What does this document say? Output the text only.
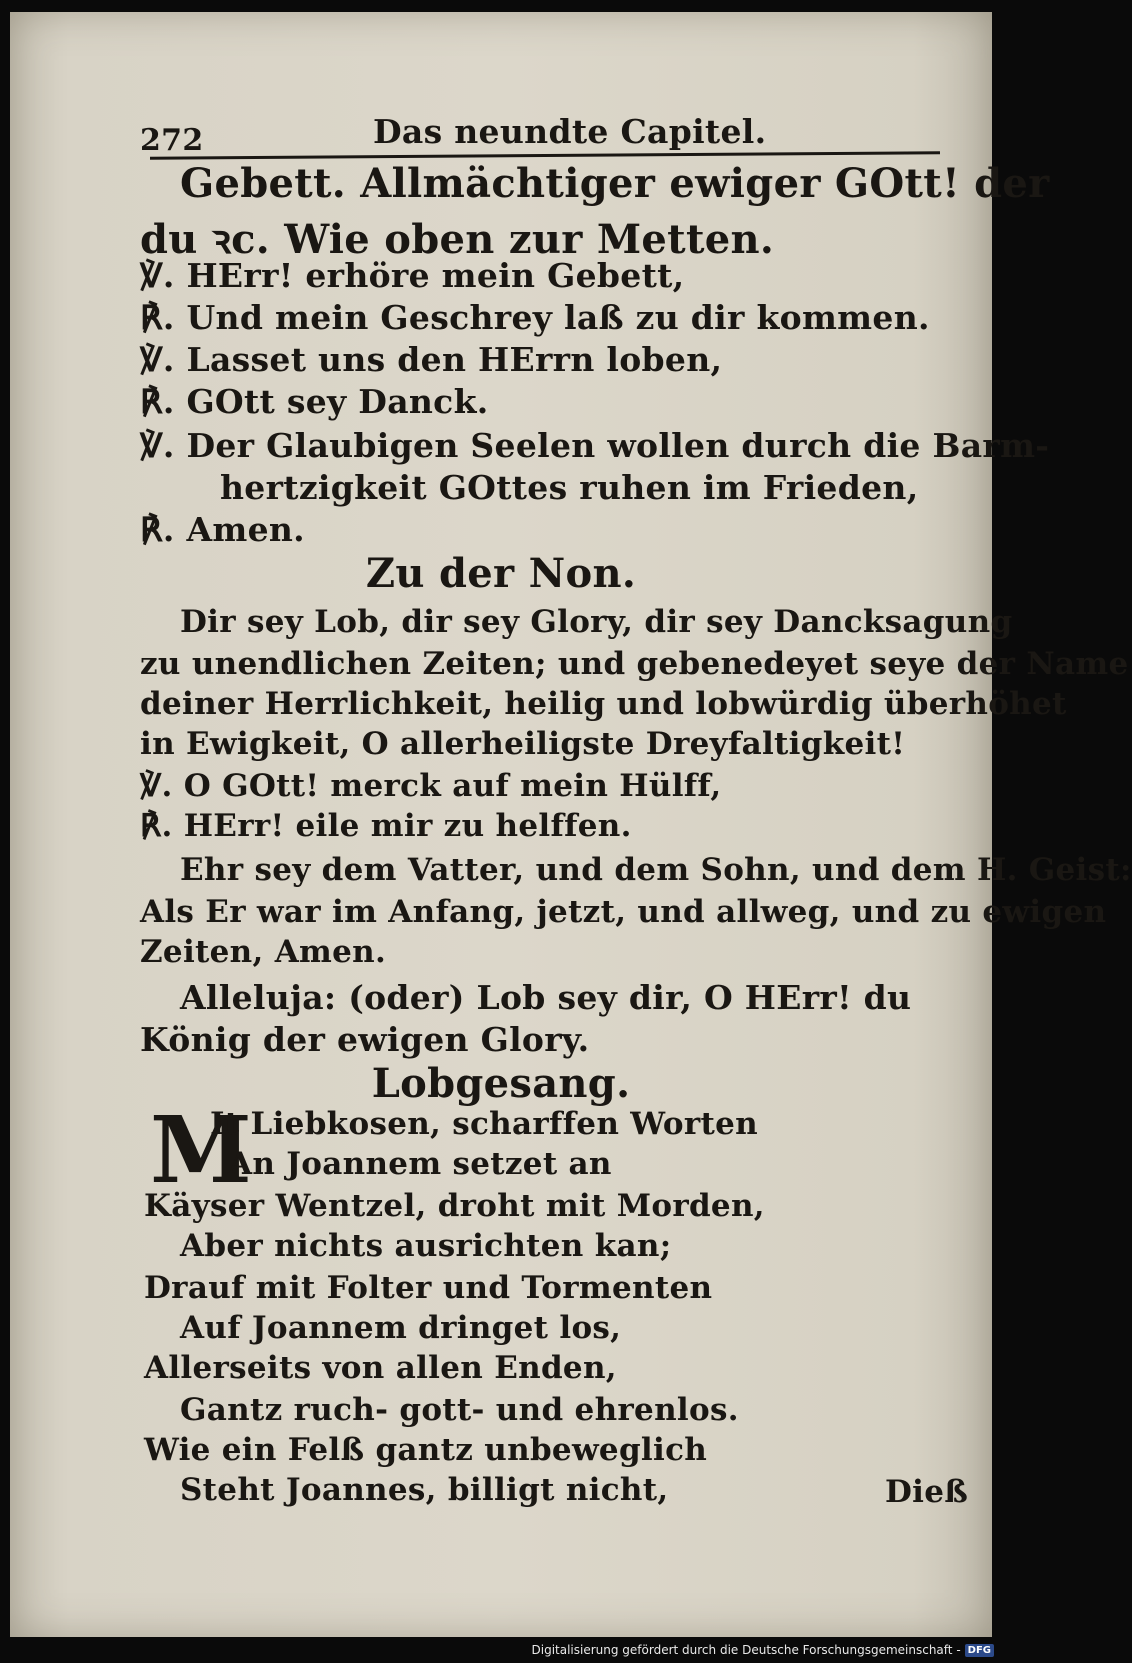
272	Das neundte Capitel.
Gebett. Allmächtiger ewiger GOtt! der
du ꝛc. Wie oben zur Metten.
℣. HErr! erhöre mein Gebett,
℟. Und mein Geschrey laß zu dir kommen.
℣. Lasset uns den HErrn loben,
℟. GOtt sey Danck.
℣. Der Glaubigen Seelen wollen durch die Barm-
hertzigkeit GOttes ruhen im Frieden,
℟. Amen.
Zu der Non.
Dir sey Lob, dir sey Glory, dir sey Dancksagung
zu unendlichen Zeiten; und gebenedeyet seye der Name
deiner Herrlichkeit, heilig und lobwürdig überhöhet
in Ewigkeit, O allerheiligste Dreyfaltigkeit!
℣. O GOtt! merck auf mein Hülff,
℟. HErr! eile mir zu helffen.
Ehr sey dem Vatter, und dem Sohn, und dem H. Geist:
Als Er war im Anfang, jetzt, und allweg, und zu ewigen
Zeiten, Amen.
Alleluja: (oder) Lob sey dir, O HErr! du
König der ewigen Glory.
Lobgesang.
M
It Liebkosen, scharffen Worten
An Joannem setzet an
Käyser Wentzel, droht mit Morden,
Aber nichts ausrichten kan;
Drauf mit Folter und Tormenten
Auf Joannem dringet los,
Allerseits von allen Enden,
Gantz ruch- gott- und ehrenlos.
Wie ein Felß gantz unbeweglich
Steht Joannes, billigt nicht,	Dieß
Digitalisierung gefördert durch die Deutsche Forschungsgemeinschaft - DFG
